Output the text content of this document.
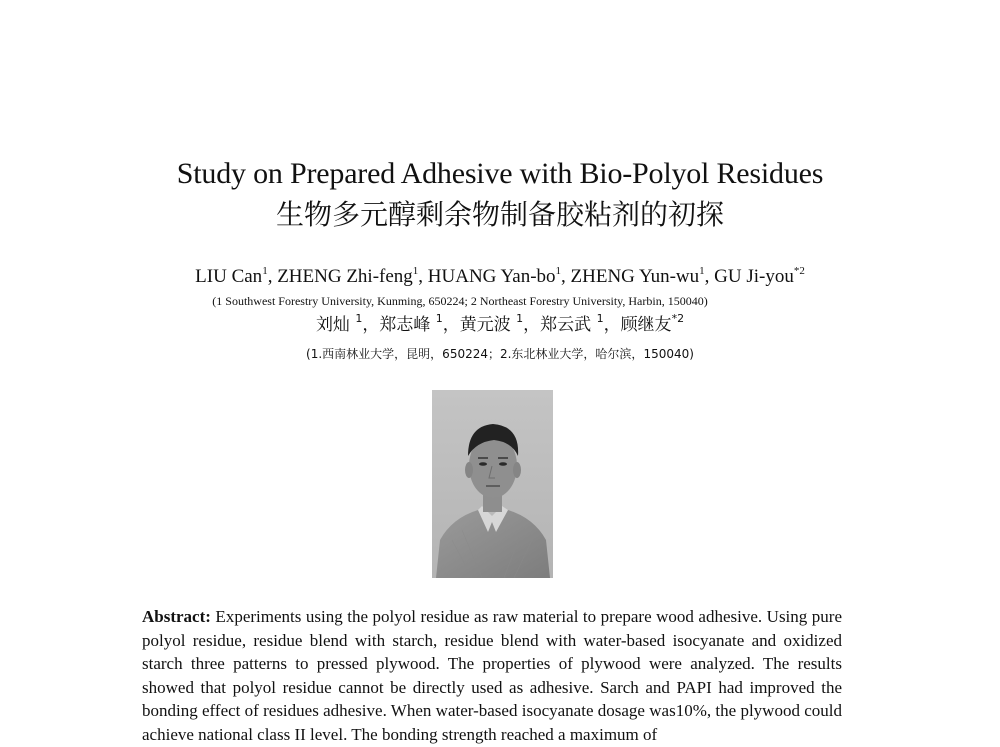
Study on Prepared Adhesive with Bio-Polyol Residues
生物多元醇剩余物制备胶粘剂的初探
LIU Can$^1$, ZHENG Zhi-feng$^1$, HUANG Yan-$bo^1$, ZHENG Yun-$wu^1$, GU Ji-you$^{*2}$
(1 Southwest Forestry University, Kunming, 650224; 2 Northeast Forestry University, Harbin, 150040)
刘灿 $^1$，郑志峰 $^1$，黄元波 $^1$，郑云武 $^1$，顾继友$^{*2}$
(1.西南林业大学，昆明，650224；2.东北林业大学，哈尔滨，150040)
Abstract: Experiments using the polyol residue as raw material to prepare wood adhesive. Using pure polyol residue, residue blend with starch, residue blend with water-based isocyanate and oxidized starch three patterns to pressed plywood. The properties of plywood were analyzed. The results showed that polyol residue cannot be directly used as adhesive. Sarch and PAPI had improved the bonding effect of residues adhesive. When water-based isocyanate dosage was10%, the plywood could achieve national class II level. The bonding strength reached a maximum of
